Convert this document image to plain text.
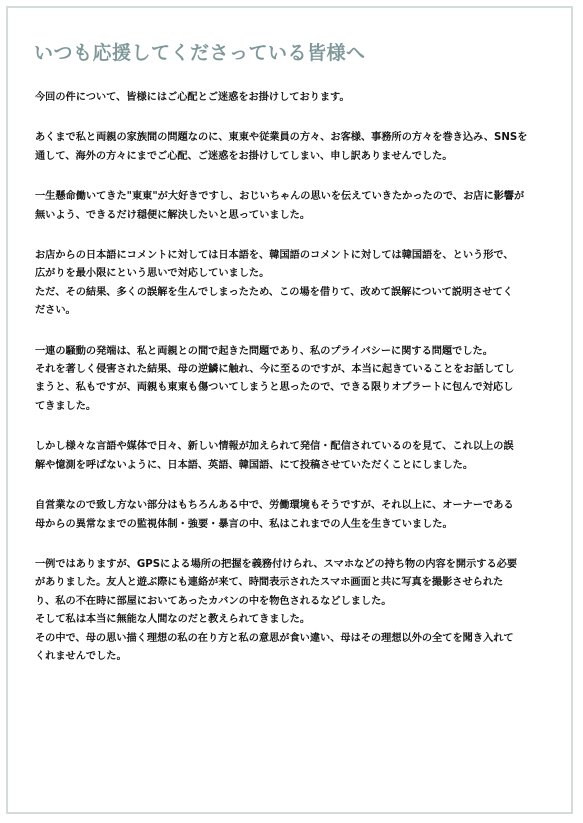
いつも応援してくださっている皆様へ

今回の件について、皆様にはご心配とご迷惑をお掛けしております。

あくまで私と両親の家族間の問題なのに、東東や従業員の方々、お客様、事務所の方々を巻き込み、SNSを
通して、海外の方々にまでご心配、ご迷惑をお掛けしてしまい、申し訳ありませんでした。

一生懸命働いてきた"東東"が大好きですし、おじいちゃんの思いを伝えていきたかったので、お店に影響が
無いよう、できるだけ穏便に解決したいと思っていました。

お店からの日本語にコメントに対しては日本語を、韓国語のコメントに対しては韓国語を、という形で、
広がりを最小限にという思いで対応していました。
ただ、その結果、多くの誤解を生んでしまったため、この場を借りて、改めて誤解について説明させてく
ださい。

一連の騒動の発端は、私と両親との間で起きた問題であり、私のプライバシーに関する問題でした。
それを著しく侵害された結果、母の逆鱗に触れ、今に至るのですが、本当に起きていることをお話してし
まうと、私もですが、両親も東東も傷ついてしまうと思ったので、できる限りオブラートに包んで対応し
てきました。

しかし様々な言語や媒体で日々、新しい情報が加えられて発信・配信されているのを見て、これ以上の誤
解や憶測を呼ばないように、日本語、英語、韓国語、にて投稿させていただくことにしました。

自営業なので致し方ない部分はもちろんある中で、労働環境もそうですが、それ以上に、オーナーである
母からの異常なまでの監視体制・強要・暴言の中、私はこれまでの人生を生きていました。

一例ではありますが、GPSによる場所の把握を義務付けられ、スマホなどの持ち物の内容を開示する必要
がありました。友人と遊ぶ際にも連絡が来て、時間表示されたスマホ画面と共に写真を撮影させられた
り、私の不在時に部屋においてあったカバンの中を物色されるなどしました。
そして私は本当に無能な人間なのだと教えられてきました。
その中で、母の思い描く理想の私の在り方と私の意思が食い違い、母はその理想以外の全てを聞き入れて
くれませんでした。
